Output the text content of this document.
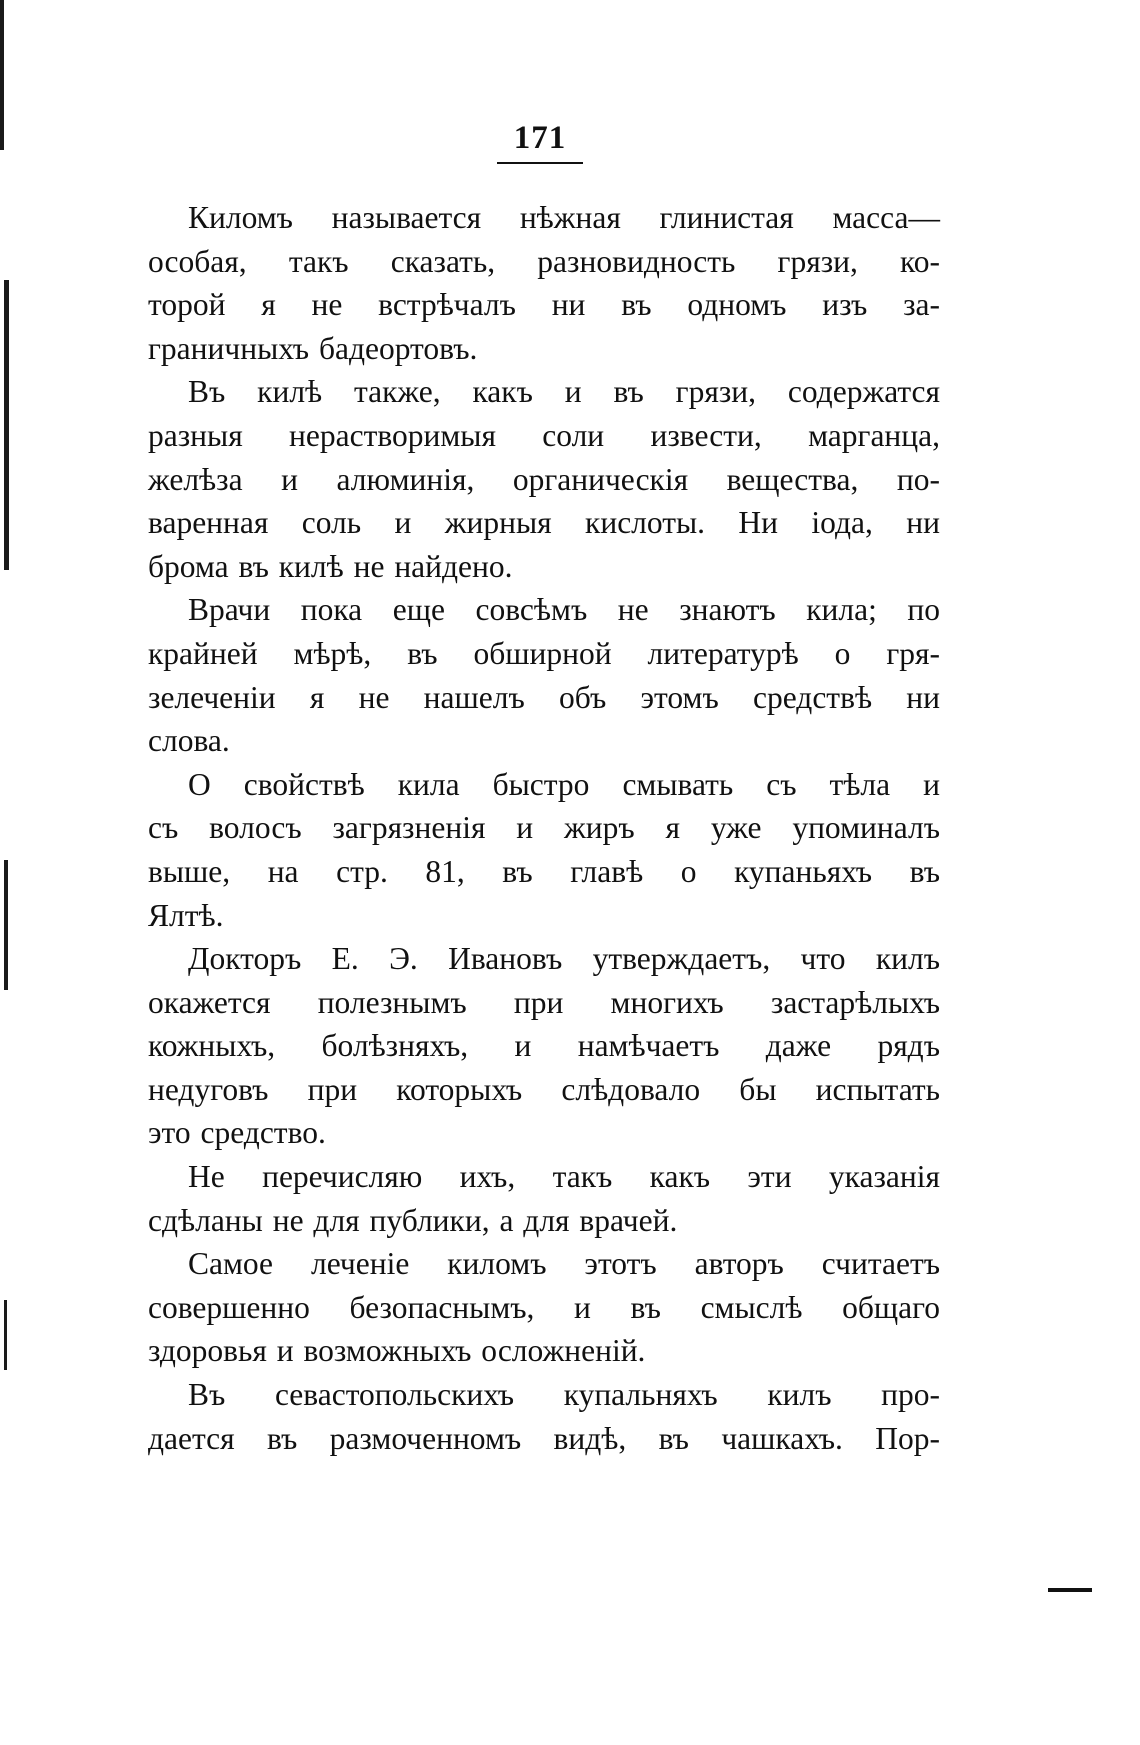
171
Киломъ называется нѣжная глинистая масса—
особая, такъ сказать, разновидность грязи, ко-
торой я не встрѣчалъ ни въ одномъ изъ за-
граничныхъ бадеортовъ.
Въ килѣ также, какъ и въ грязи, содержатся
разныя нерастворимыя соли извести, марганца,
желѣза и алюминія, органическія вещества, по-
варенная соль и жирныя кислоты. Ни іода, ни
брома въ килѣ не найдено.
Врачи пока еще совсѣмъ не знаютъ кила; по
крайней мѣрѣ, въ обширной литературѣ о гря-
зелеченіи я не нашелъ объ этомъ средствѣ ни
слова.
О свойствѣ кила быстро смывать съ тѣла и
съ волосъ загрязненія и жиръ я уже упоминалъ
выше, на стр. 81, въ главѣ о купаньяхъ въ
Ялтѣ.
Докторъ Е. Э. Ивановъ утверждаетъ, что килъ
окажется полезнымъ при многихъ застарѣлыхъ
кожныхъ, болѣзняхъ, и намѣчаетъ даже рядъ
недуговъ при которыхъ слѣдовало бы испытать
это средство.
Не перечисляю ихъ, такъ какъ эти указанія
сдѣланы не для публики, а для врачей.
Самое леченіе киломъ этотъ авторъ считаетъ
совершенно безопаснымъ, и въ смыслѣ общаго
здоровья и возможныхъ осложненій.
Въ севастопольскихъ купальняхъ килъ про-
дается въ размоченномъ видѣ, въ чашкахъ. Пор-
